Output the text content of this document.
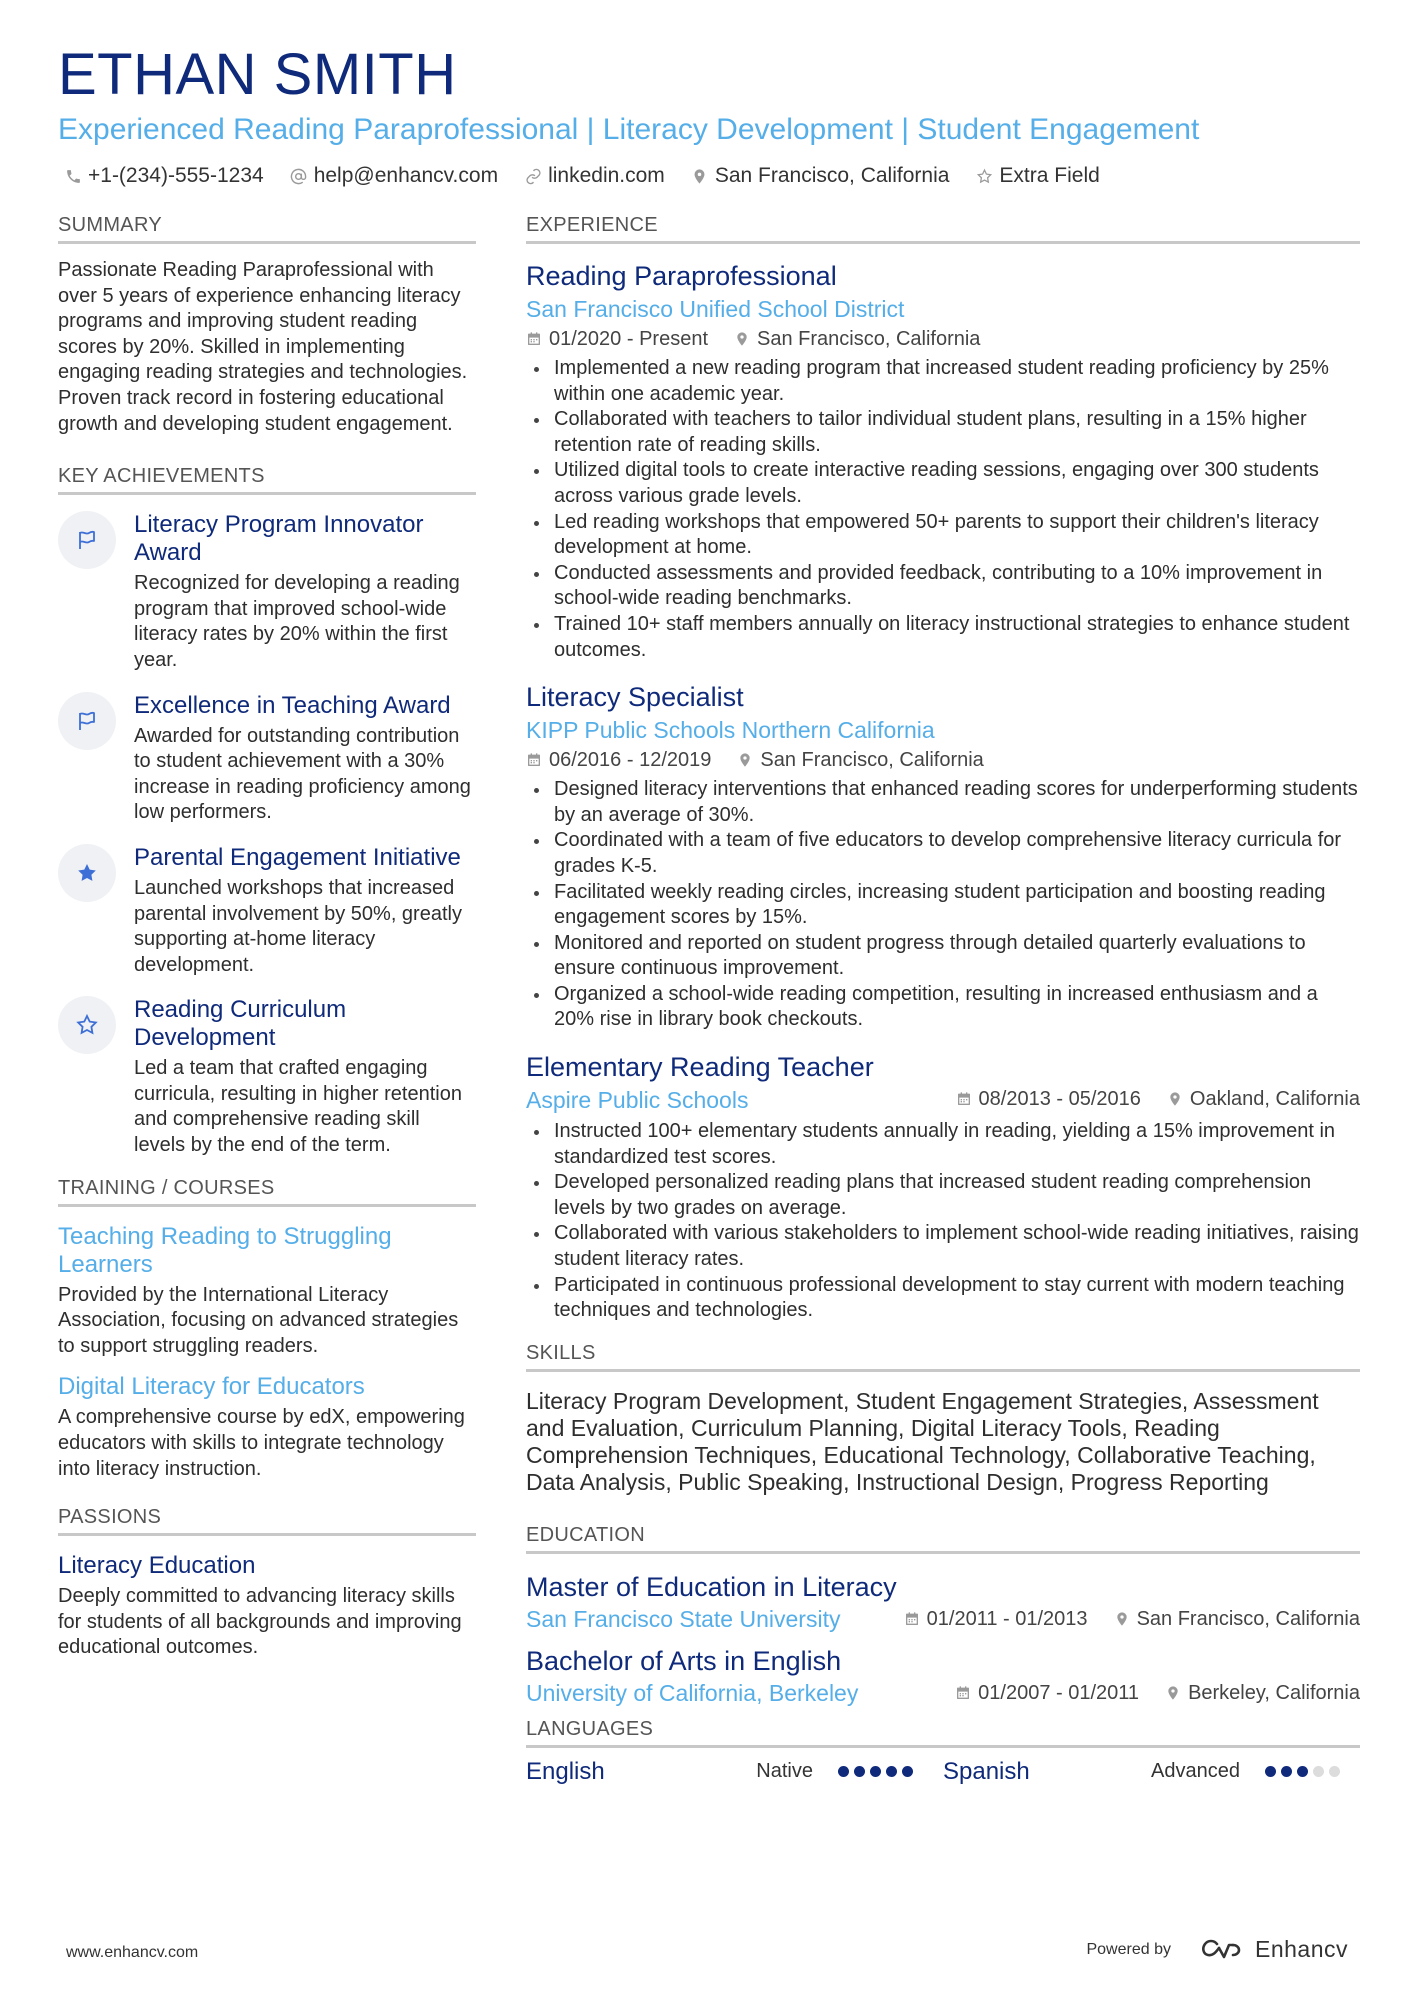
ETHAN SMITH
Experienced Reading Paraprofessional | Literacy Development | Student Engagement
+1-(234)-555-1234 help@enhancv.com linkedin.com San Francisco, California Extra Field
SUMMARY

Passionate Reading Paraprofessional with over 5 years of experience enhancing literacy programs and improving student reading scores by 20%. Skilled in implementing engaging reading strategies and technologies. Proven track record in fostering educational growth and developing student engagement.

KEY ACHIEVEMENTS
Literacy Program Innovator Award

Recognized for developing a reading program that improved school-wide literacy rates by 20% within the first year.

Excellence in Teaching Award

Awarded for outstanding contribution to student achievement with a 30% increase in reading proficiency among low performers.

Parental Engagement Initiative

Launched workshops that increased parental involvement by 50%, greatly supporting at-home literacy development.

Reading Curriculum Development

Led a team that crafted engaging curricula, resulting in higher retention and comprehensive reading skill levels by the end of the term.

TRAINING / COURSES
Teaching Reading to Struggling Learners

Provided by the International Literacy Association, focusing on advanced strategies to support struggling readers.

Digital Literacy for Educators

A comprehensive course by edX, empowering educators with skills to integrate technology into literacy instruction.

PASSIONS
Literacy Education

Deeply committed to advancing literacy skills for students of all backgrounds and improving educational outcomes.

EXPERIENCE
Reading Paraprofessional
San Francisco Unified School District
01/2020 - Present San Francisco, California
Implemented a new reading program that increased student reading proficiency by 25% within one academic year.
Collaborated with teachers to tailor individual student plans, resulting in a 15% higher retention rate of reading skills.
Utilized digital tools to create interactive reading sessions, engaging over 300 students across various grade levels.
Led reading workshops that empowered 50+ parents to support their children's literacy development at home.
Conducted assessments and provided feedback, contributing to a 10% improvement in school-wide reading benchmarks.
Trained 10+ staff members annually on literacy instructional strategies to enhance student outcomes.
Literacy Specialist
KIPP Public Schools Northern California
06/2016 - 12/2019 San Francisco, California
Designed literacy interventions that enhanced reading scores for underperforming students by an average of 30%.
Coordinated with a team of five educators to develop comprehensive literacy curricula for grades K-5.
Facilitated weekly reading circles, increasing student participation and boosting reading engagement scores by 15%.
Monitored and reported on student progress through detailed quarterly evaluations to ensure continuous improvement.
Organized a school-wide reading competition, resulting in increased enthusiasm and a 20% rise in library book checkouts.
Elementary Reading Teacher
Aspire Public Schools	08/2013 - 05/2016 Oakland, California
Instructed 100+ elementary students annually in reading, yielding a 15% improvement in standardized test scores.
Developed personalized reading plans that increased student reading comprehension levels by two grades on average.
Collaborated with various stakeholders to implement school-wide reading initiatives, raising student literacy rates.
Participated in continuous professional development to stay current with modern teaching techniques and technologies.
SKILLS

Literacy Program Development, Student Engagement Strategies, Assessment and Evaluation, Curriculum Planning, Digital Literacy Tools, Reading Comprehension Techniques, Educational Technology, Collaborative Teaching, Data Analysis, Public Speaking, Instructional Design, Progress Reporting

EDUCATION
Master of Education in Literacy
San Francisco State University	01/2011 - 01/2013 San Francisco, California
Bachelor of Arts in English
University of California, Berkeley	01/2007 - 01/2011 Berkeley, California
LANGUAGES
English	Native	Spanish	Advanced
www.enhancv.com	Powered by	Enhancv
